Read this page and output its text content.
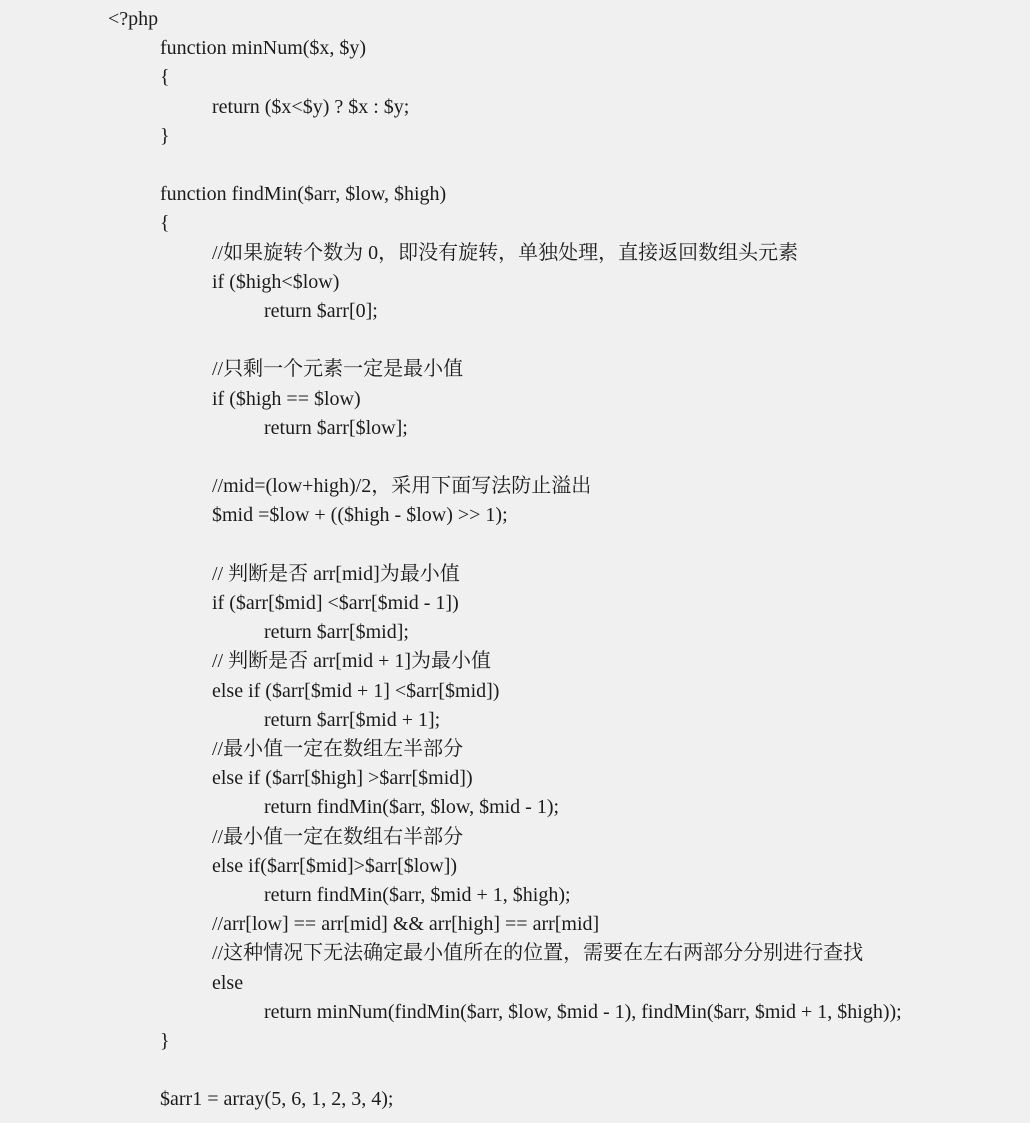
<?php
function minNum($x, $y)
{
return ($x<$y) ? $x : $y;
}
function findMin($arr, $low, $high)
{
//如果旋转个数为 0，即没有旋转，单独处理，直接返回数组头元素
if ($high<$low)
return $arr[0];
//只剩一个元素一定是最小值
if ($high == $low)
return $arr[$low];
//mid=(low+high)/2，采用下面写法防止溢出
$mid =$low + (($high - $low) >> 1);
// 判断是否 arr[mid]为最小值
if ($arr[$mid] <$arr[$mid - 1])
return $arr[$mid];
// 判断是否 arr[mid + 1]为最小值
else if ($arr[$mid + 1] <$arr[$mid])
return $arr[$mid + 1];
//最小值一定在数组左半部分
else if ($arr[$high] >$arr[$mid])
return findMin($arr, $low, $mid - 1);
//最小值一定在数组右半部分
else if($arr[$mid]>$arr[$low])
return findMin($arr, $mid + 1, $high);
//arr[low] == arr[mid] && arr[high] == arr[mid]
//这种情况下无法确定最小值所在的位置，需要在左右两部分分别进行查找
else
return minNum(findMin($arr, $low, $mid - 1), findMin($arr, $mid + 1, $high));
}
$arr1 = array(5, 6, 1, 2, 3, 4);
